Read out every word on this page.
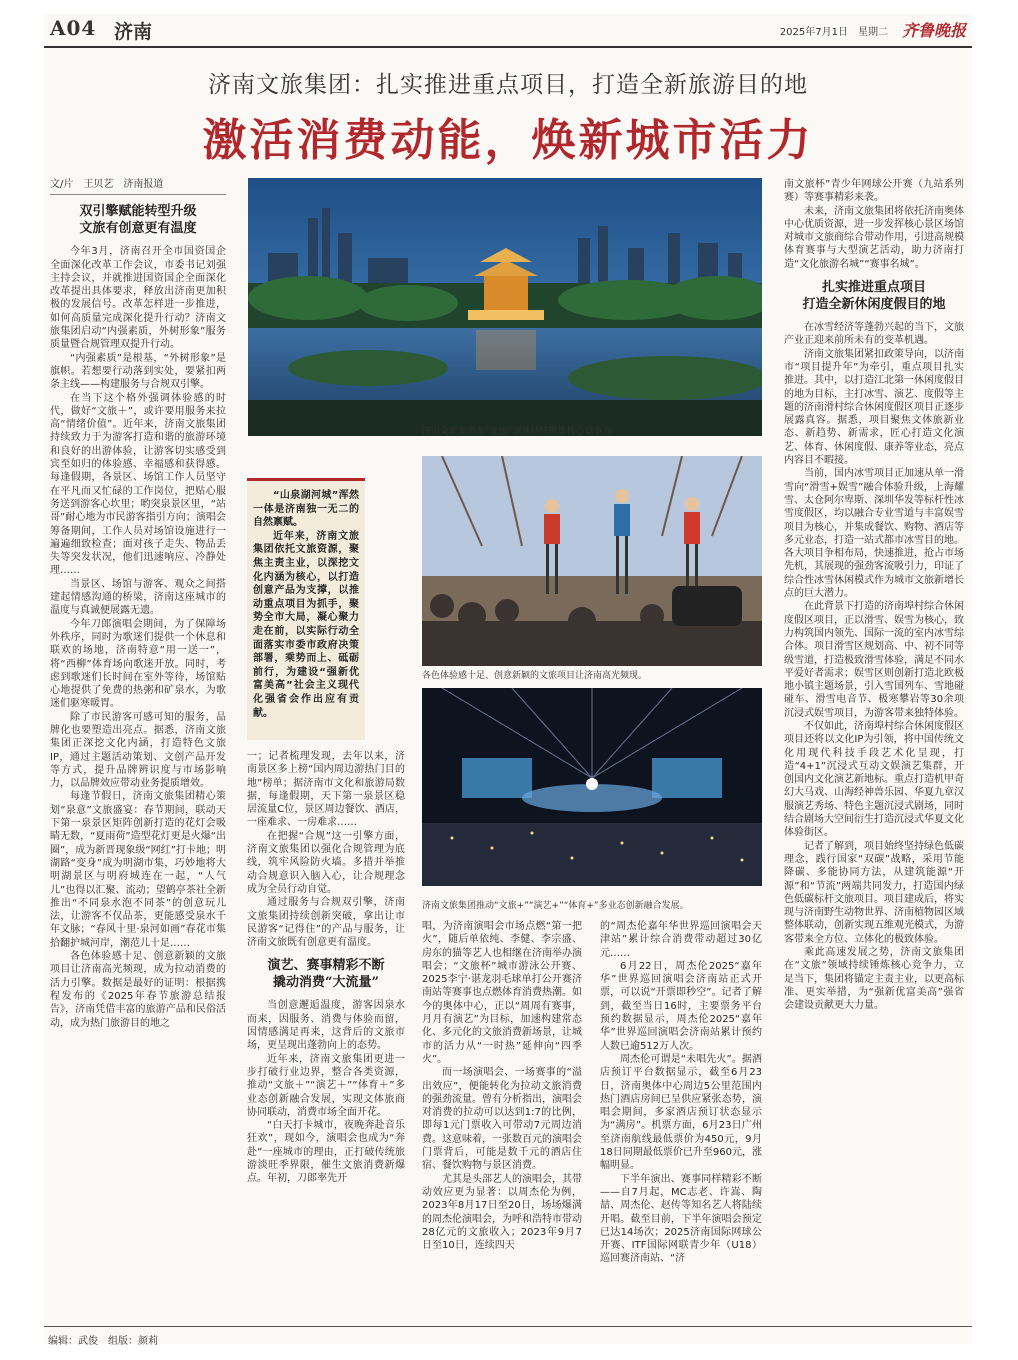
A04 济南	2025年7月1日　星期二 齐鲁晚报
济南文旅集团：扎实推进重点项目，打造全新旅游目的地
激活消费动能，焕新城市活力
文/片　王贝艺　济南报道
双引擎赋能转型升级
文旅有创意更有温度

今年3月，济南召开全市国资国企全面深化改革工作会议，市委书记刘强主持会议，并就推进国资国企全面深化改革提出具体要求，释放出济南更加积极的发展信号。改革怎样进一步推进，如何高质量完成深化提升行动？济南文旅集团启动“内强素质，外树形象”服务质量暨合规管理双提升行动。

“内强素质”是根基，“外树形象”是旗帜。若想要行动落到实处，要紧扣两条主线——构建服务与合规双引擎。

在当下这个格外强调体验感的时代，做好“文旅＋”，或许要用服务来拉高“情绪价值”。近年来，济南文旅集团持续致力于为游客打造和谐的旅游环境和良好的出游体验，让游客切实感受到宾至如归的体验感、幸福感和获得感。每逢假期，各景区、场馆工作人员坚守在平凡而又忙碌的工作岗位，把贴心服务送到游客心坎里；哟突泉景区里，“站哥”耐心地为市民游客指引方向；演唱会筹备期间，工作人员对场馆设施进行一遍遍细致检查；面对孩子走失、物品丢失等突发状况，他们迅速响应、冷静处理……

当景区、场馆与游客、观众之间搭建起情感沟通的桥梁，济南这座城市的温度与真诚便展露无遗。

今年刀郎演唱会期间，为了保障场外秩序，同时为歌迷们提供一个休息和联欢的场地，济南特意“用一送一”，将“西柳”体育场向歌迷开放。同时，考虑到歌迷们长时间在室外等待，场馆贴心地提供了免费的热粥和矿泉水，为歌迷们驱寒暖胃。

除了市民游客可感可知的服务，品牌化也要塑造出亮点。据悉，济南文旅集团正深挖文化内涵，打造特色文旅IP，通过主题活动策划、文创产品开发等方式，提升品牌辨识度与市场影响力，以品牌效应带动业务提质增效。

每逢节假日，济南文旅集团精心策划“泉意”文旅盛宴：春节期间，联动天下第一泉景区矩阵创新打造的花灯会吸睛无数，“夏雨荷”造型花灯更是火爆“出圈”，成为新晋现象级“网红”打卡地；明湖路“变身”成为明湖市集，巧妙地将大明湖景区与明府城连在一起，“人气儿”也得以汇聚、流动；望鹤亭茶社全新推出“不同泉水泡不同茶”的创意玩儿法，让游客不仅品茶，更能感受泉水千年文脉；“春风十里·泉河如画”春花市集拾翻护城河岸，潮范儿十足……

各色体验感十足、创意新颖的文旅项目让济南高光频现，成为拉动消费的活力引擎。数据是最好的证明：根据携程发布的《2025年春节旅游总结报告》，济南凭借丰富的旅游产品和民俗活动，成为热门旅游目的地之

济南文旅集团在“文旅”领域持续锤炼核心竞争力。
各色体验感十足、创意新颖的文旅项目让济南高光频现。

“山泉湖河城”浑然一体是济南独一无二的自然禀赋。

近年来，济南文旅集团依托文旅资源，聚焦主责主业，以深挖文化内涵为核心，以打造创意产品为支撑，以推动重点项目为抓手，聚势全市大局，凝心聚力走在前，以实际行动全面落实市委市政府决策部署，乘势而上、砥砺前行，为建设“强新优富美高”社会主义现代化强省会作出应有贡献。

济南文旅集团推动“文旅+”“演艺+”“体育+”多业态创新融合发展。

一；记者梳理发现，去年以来，济南景区多上榜“国内周边游热门目的地”榜单；据济南市文化和旅游局数据，每逢假期，天下第一泉景区稳居流量C位，景区周边餐饮、酒店，一座难求、一房难求……

在把握“合规”这一引擎方面，济南文旅集团以强化合规管理为底线，筑牢风险防火墙。多措并举推动合规意识入脑入心，让合规理念成为全员行动自觉。

通过服务与合规双引擎，济南文旅集团持续创新突破，拿出让市民游客“记得住”的产品与服务，让济南文旅既有创意更有温度。

演艺、赛事精彩不断
撬动消费“大流量”

当创意邂逅温度，游客因泉水而来，因服务、消费与体验而留，因情感满足再来，这背后的文旅市场，更呈现出蓬勃向上的态势。

近年来，济南文旅集团更进一步打破行业边界，整合各类资源，推动“文旅＋”“演艺＋”“体育＋”多业态创新融合发展，实现文体旅商协同联动，消费市场全面开花。

“白天打卡城市，夜晚奔赴音乐狂欢”，现如今，演唱会也成为“奔赴”一座城市的理由，正打破传统旅游淡旺季界限，催生文旅消费新爆点。年初，刀郎率先开

唱，为济南演唱会市场点燃“第一把火”，随后单依纯、李健、李宗盛、房东的猫等艺人也相继在济南举办演唱会；“文旅杯”城市游泳公开赛、2025李宁·谌龙羽毛球单打公开赛济南站等赛事也点燃体育消费热潮。如今的奥体中心，正以“周周有赛事，月月有演艺”为目标，加速构建常态化、多元化的文旅消费新场景，让城市的活力从“一时热”延伸向“四季火”。

而一场演唱会、一场赛事的“溢出效应”，便能转化为拉动文旅消费的强劲流量。曾有分析指出，演唱会对消费的拉动可以达到1:7的比例，即每1元门票收入可带动7元周边消费。这意味着，一张数百元的演唱会门票背后，可能是数千元的酒店住宿、餐饮购物与景区消费。

尤其是头部艺人的演唱会，其带动效应更为显著：以周杰伦为例，2023年8月17日至20日，场场爆满的周杰伦演唱会，为呼和浩特市带动28亿元的文旅收入；2023年9月7日至10日，连续四天

的“周杰伦嘉年华世界巡回演唱会天津站”累计综合消费带动超过30亿元……

6月22日，周杰伦2025“嘉年华”世界巡回演唱会济南站正式开票，可以说“开票即秒空”。记者了解到，截至当日16时，主要票务平台预约数据显示，周杰伦2025“嘉年华”世界巡回演唱会济南站累计预约人数已逾512万人次。

周杰伦可谓是“未唱先火”。据酒店预订平台数据显示，截至6月23日，济南奥体中心周边5公里范围内热门酒店房间已呈供应紧张态势，演唱会期间，多家酒店预订状态显示为“满房”。机票方面，6月23日广州至济南航线最低票价为450元，9月18日同期最低票价已升至960元，涨幅明显。

下半年演出、赛事同样精彩不断——自7月起，MC志老、许嵩、陶喆、周杰伦、赵传等知名艺人将陆续开唱。截至目前，下半年演唱会预定已达14场次；2025济南国际网球公开赛、ITF国际网联青少年（U18）巡回赛济南站、“济

南文旅杯”青少年网球公开赛（九站系列赛）等赛事精彩来袭。

未来，济南文旅集团将依托济南奥体中心优质资源，进一步发挥核心景区场馆对城市文旅商综合带动作用，引进高规模体育赛事与大型演艺活动，助力济南打造“文化旅游名城”“赛事名城”。

扎实推进重点项目
打造全新休闲度假目的地

在冰雪经济等蓬勃兴起的当下，文旅产业正迎来前所未有的变革机遇。

济南文旅集团紧扣政策导向，以济南市“项目提升年”为牵引，重点项目扎实推进。其中，以打造江北第一休闲度假目的地为目标，主打冰雪、演艺、度假等主题的济南滑村综合休闲度假区项目正逐步展露真容。据悉，项目聚焦文体旅新业态、新趋势、新需求，匠心打造文化演艺、体育、休闲度假、康养等业态，亮点内容目不暇接。

当前，国内冰雪项目正加速从单一滑雪向“滑雪+娱雪”融合体验升级，上海耀雪、太仓阿尔卑斯、深圳华发等标杆性冰雪度假区，均以融合专业雪道与丰富娱雪项目为核心，并集成餐饮、购物、酒店等多元业态，打造一站式都市冰雪目的地。各大项目争相布局，快速推进，抢占市场先机，其展现的强劲客流吸引力，印证了综合性冰雪休闲模式作为城市文旅新增长点的巨大潜力。

在此背景下打造的济南埠村综合休闲度假区项目，正以滑雪、娱雪为核心，致力构筑国内领先、国际一流的室内冰雪综合体。项目滑雪区规划高、中、初不同等级雪道，打造极致滑雪体验，满足不同水平爱好者需求；娱雪区则创新打造北欧极地小镇主题场景，引入雪国列车、雪地碰碰车、滑雪电音节、极寒攀岩等30余项沉浸式娱雪项目，为游客带来独特体验。

不仅如此，济南埠村综合休闲度假区项目还将以文化IP为引领，将中国传统文化用现代科技手段艺术化呈现，打造“4+1”沉浸式互动文娱演艺集群，开创国内文化演艺新地标。重点打造机甲奇幻大马戏、山海经神兽乐园、华夏九章汉服演艺秀场、特色主题沉浸式剧场，同时结合剧场大空间衍生打造沉浸式华夏文化体验街区。

记者了解到，项目始终坚持绿色低碳理念，践行国家“双碳”战略，采用节能降碳、多能协同方法，从建筑能源“开源”和“节流”两端共同发力，打造国内绿色低碳标杆文旅项目。项目建成后，将实现与济南野生动物世界、济南植物园区域整体联动，创新实现五维观光模式，为游客带来全方位、立体化的极致体验。

乘此高速发展之势，济南文旅集团在“文旅”领域持续锤炼核心竞争力，立足当下，集团将锚定主责主业，以更高标准、更实举措，为“强新优富美高”强省会建设贡献更大力量。

编辑：武俊　组版：颜莉
